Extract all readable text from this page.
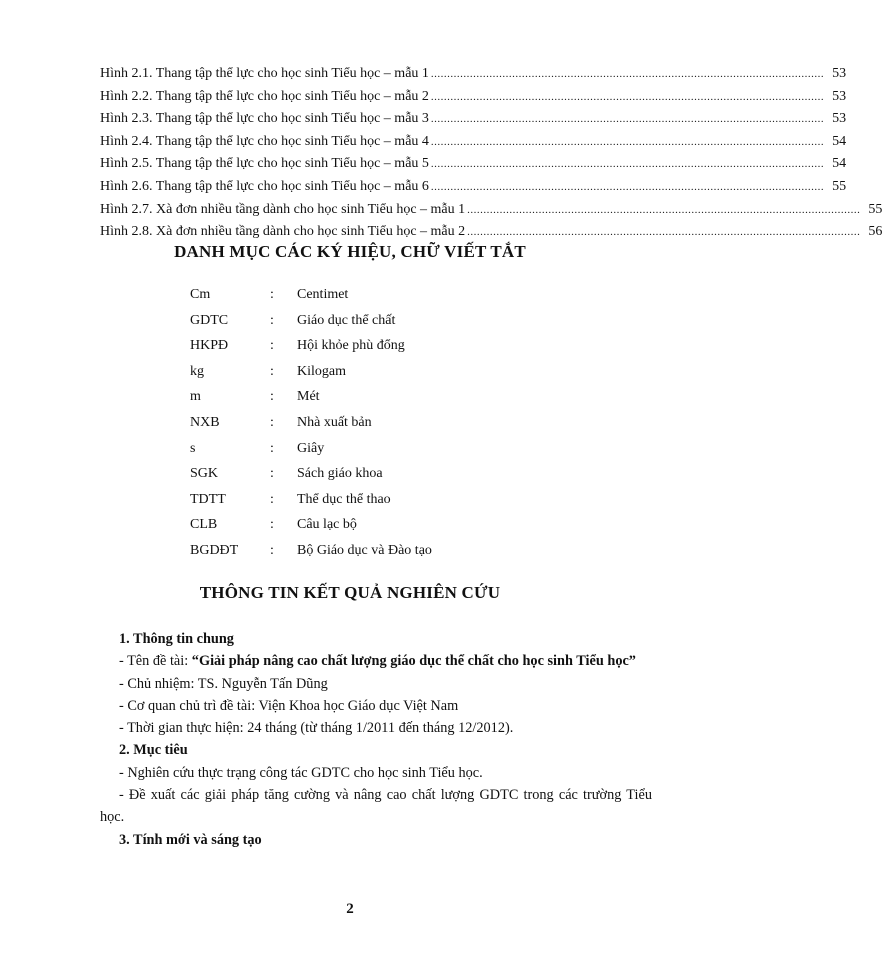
Hình 2.1. Thang tập thể lực cho học sinh Tiểu học – mẫu 1 ......................................................................................................................... 53
Hình 2.2. Thang tập thể lực cho học sinh Tiểu học – mẫu 2 ......................................................................................................................... 53
Hình 2.3. Thang tập thể lực cho học sinh Tiểu học – mẫu 3 ......................................................................................................................... 53
Hình 2.4. Thang tập thể lực cho học sinh Tiểu học – mẫu 4 ......................................................................................................................... 54
Hình 2.5. Thang tập thể lực cho học sinh Tiểu học – mẫu 5 ......................................................................................................................... 54
Hình 2.6. Thang tập thể lực cho học sinh Tiểu học – mẫu 6 ......................................................................................................................... 55
Hình 2.7. Xà đơn nhiều tầng dành cho học sinh Tiểu học – mẫu 1 ......................................................................................................................... 55
Hình 2.8. Xà đơn nhiều tầng dành cho học sinh Tiểu học – mẫu 2 ......................................................................................................................... 56
DANH MỤC CÁC KÝ HIỆU, CHỮ VIẾT TẮT
Cm	:	Centimet
GDTC	:	Giáo dục thể chất
HKPĐ	:	Hội khỏe phù đổng
kg	:	Kilogam
m	:	Mét
NXB	:	Nhà xuất bản
s	:	Giây
SGK	:	Sách giáo khoa
TDTT	:	Thể dục thể thao
CLB	:	Câu lạc bộ
BGDĐT	:	Bộ Giáo dục và Đào tạo
THÔNG TIN KẾT QUẢ NGHIÊN CỨU

1. Thông tin chung

- Tên đề tài: “Giải pháp nâng cao chất lượng giáo dục thể chất cho học sinh Tiểu học”

- Chủ nhiệm: TS. Nguyễn Tấn Dũng

- Cơ quan chủ trì đề tài: Viện Khoa học Giáo dục Việt Nam

- Thời gian thực hiện: 24 tháng (từ tháng 1/2011 đến tháng 12/2012).

2. Mục tiêu

- Nghiên cứu thực trạng công tác GDTC cho học sinh Tiểu học.

- Đề xuất các giải pháp tăng cường và nâng cao chất lượng GDTC trong các trường Tiểu học.

3. Tính mới và sáng tạo

2
